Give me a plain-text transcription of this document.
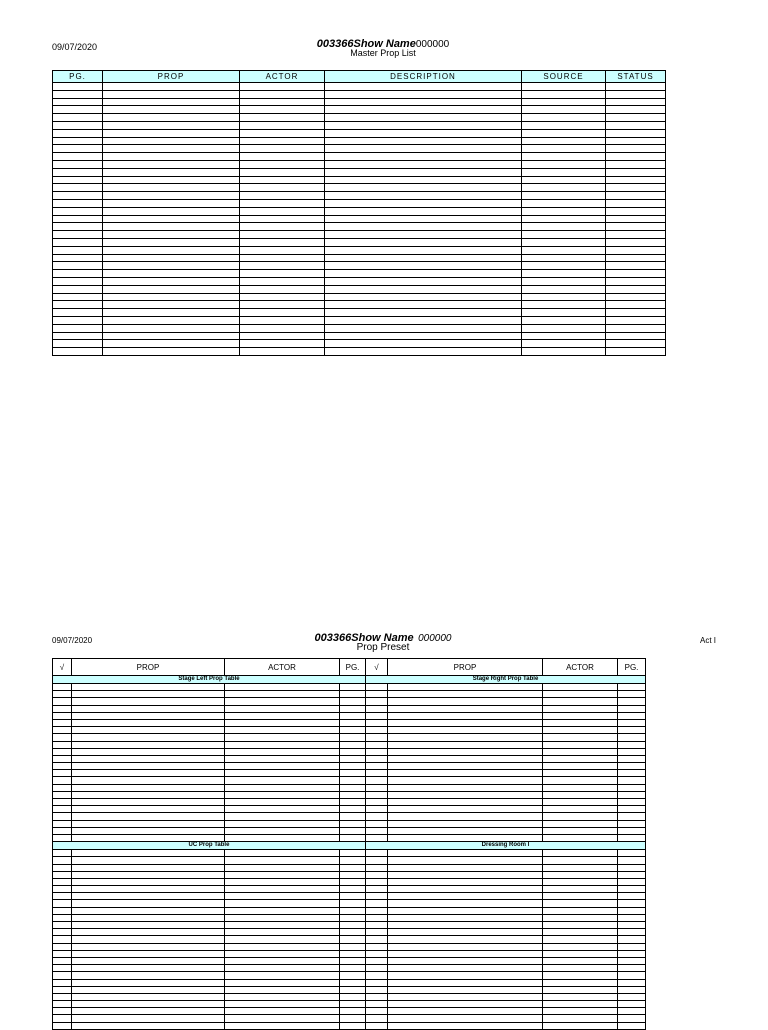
09/07/2020	003366Show Name000000
Master Prop List
PG.	PROP	ACTOR	DESCRIPTION	SOURCE	STATUS

09/07/2020	003366Show Name 000000
Prop Preset
Act I
√	PROP	ACTOR	PG.	√	PROP	ACTOR	PG.
Stage Left Prop Table				Stage Right Prop Table			

UC Prop Table				Dressing Room I			
